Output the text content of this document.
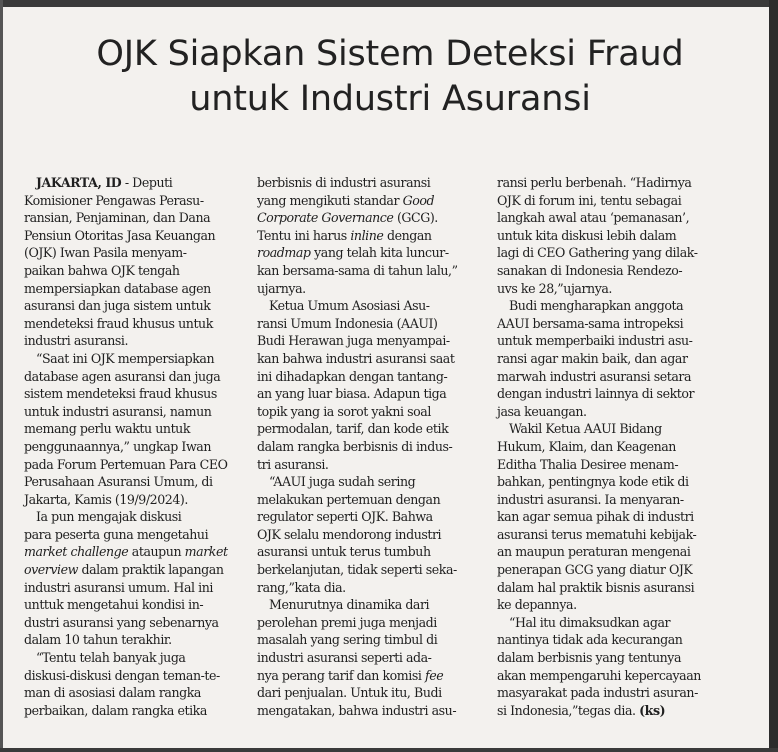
OJK Siapkan Sistem Deteksi Fraud
untuk Industri Asuransi
JAKARTA, ID - Deputi
Komisioner Pengawas Perasu-
ransian, Penjaminan, dan Dana
Pensiun Otoritas Jasa Keuangan
(OJK) Iwan Pasila menyam-
paikan bahwa OJK tengah
mempersiapkan database agen
asuransi dan juga sistem untuk
mendeteksi fraud khusus untuk
industri asuransi.
“Saat ini OJK mempersiapkan
database agen asuransi dan juga
sistem mendeteksi fraud khusus
untuk industri asuransi, namun
memang perlu waktu untuk
penggunaannya,” ungkap Iwan
pada Forum Pertemuan Para CEO
Perusahaan Asuransi Umum, di
Jakarta, Kamis (19/9/2024).
Ia pun mengajak diskusi
para peserta guna mengetahui
market challenge ataupun market
overview dalam praktik lapangan
industri asuransi umum. Hal ini
unttuk mengetahui kondisi in-
dustri asuransi yang sebenarnya
dalam 10 tahun terakhir.
“Tentu telah banyak juga
diskusi-diskusi dengan teman-te-
man di asosiasi dalam rangka
perbaikan, dalam rangka etika
berbisnis di industri asuransi
yang mengikuti standar Good
Corporate Governance (GCG).
Tentu ini harus inline dengan
roadmap yang telah kita luncur-
kan bersama-sama di tahun lalu,”
ujarnya.
Ketua Umum Asosiasi Asu-
ransi Umum Indonesia (AAUI)
Budi Herawan juga menyampai-
kan bahwa industri asuransi saat
ini dihadapkan dengan tantang-
an yang luar biasa. Adapun tiga
topik yang ia sorot yakni soal
permodalan, tarif, dan kode etik
dalam rangka berbisnis di indus-
tri asuransi.
“AAUI juga sudah sering
melakukan pertemuan dengan
regulator seperti OJK. Bahwa
OJK selalu mendorong industri
asuransi untuk terus tumbuh
berkelanjutan, tidak seperti seka-
rang,”kata dia.
Menurutnya dinamika dari
perolehan premi juga menjadi
masalah yang sering timbul di
industri asuransi seperti ada-
nya perang tarif dan komisi fee
dari penjualan. Untuk itu, Budi
mengatakan, bahwa industri asu-
ransi perlu berbenah. “Hadirnya
OJK di forum ini, tentu sebagai
langkah awal atau ‘pemanasan’,
untuk kita diskusi lebih dalam
lagi di CEO Gathering yang dilak-
sanakan di Indonesia Rendezo-
uvs ke 28,”ujarnya.
Budi mengharapkan anggota
AAUI bersama-sama intropeksi
untuk memperbaiki industri asu-
ransi agar makin baik, dan agar
marwah industri asuransi setara
dengan industri lainnya di sektor
jasa keuangan.
Wakil Ketua AAUI Bidang
Hukum, Klaim, dan Keagenan
Editha Thalia Desiree menam-
bahkan, pentingnya kode etik di
industri asuransi. Ia menyaran-
kan agar semua pihak di industri
asuransi terus mematuhi kebijak-
an maupun peraturan mengenai
penerapan GCG yang diatur OJK
dalam hal praktik bisnis asuransi
ke depannya.
“Hal itu dimaksudkan agar
nantinya tidak ada kecurangan
dalam berbisnis yang tentunya
akan mempengaruhi kepercayaan
masyarakat pada industri asuran-
si Indonesia,”tegas dia. (ks)
